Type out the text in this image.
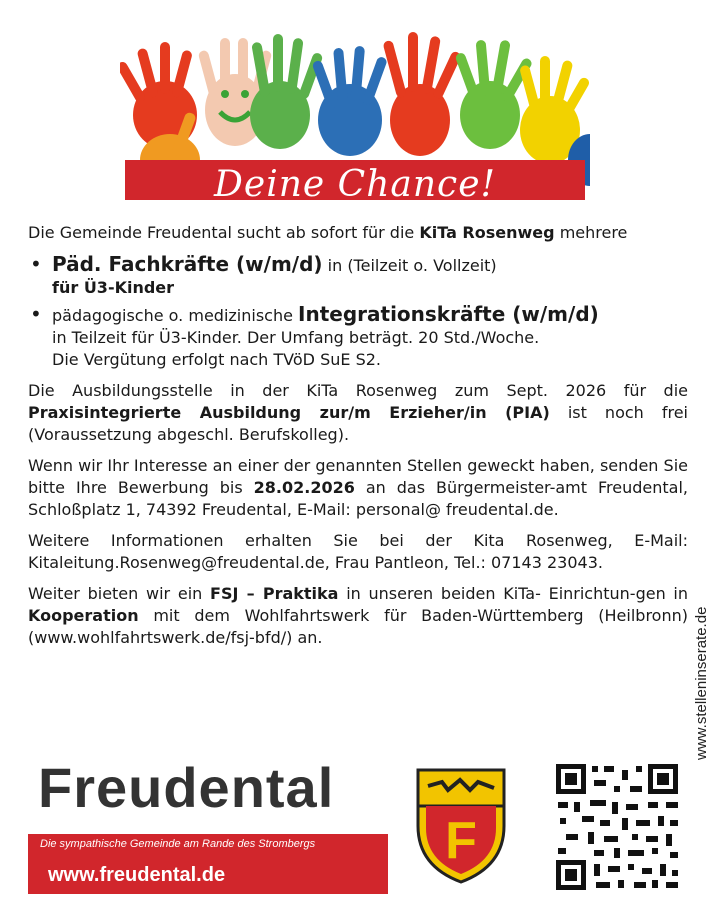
Deine Chance!

Die Gemeinde Freudental sucht ab sofort für die KiTa Rosenweg mehrere

• Päd. Fachkräfte (w/m/d) in (Teilzeit o. Vollzeit)
für Ü3-Kinder
• pädagogische o. medizinische Integrationskräfte (w/m/d)
in Teilzeit für Ü3-Kinder. Der Umfang beträgt. 20 Std./Woche.
Die Vergütung erfolgt nach TVöD SuE S2.

Die Ausbildungsstelle in der KiTa Rosenweg zum Sept. 2026 für die Praxisintegrierte Ausbildung zur/m Erzieher/in (PIA) ist noch frei (Voraussetzung abgeschl. Berufskolleg).

Wenn wir Ihr Interesse an einer der genannten Stellen geweckt haben, senden Sie bitte Ihre Bewerbung bis 28.02.2026 an das Bürgermeister-amt Freudental, Schloßplatz 1, 74392 Freudental, E-Mail: personal@ freudental.de.

Weitere Informationen erhalten Sie bei der Kita Rosenweg, E-Mail: Kitaleitung.Rosenweg@freudental.de, Frau Pantleon, Tel.: 07143 23043.

Weiter bieten wir ein FSJ – Praktika in unseren beiden KiTa- Einrichtun-gen in Kooperation mit dem Wohlfahrtswerk für Baden-Württemberg (Heilbronn) (www.wohlfahrtswerk.de/fsj-bfd/) an.	www.stelleninserate.de
Freudental
Die sympathische Gemeinde am Rande des Strombergs
www.freudental.de
F
